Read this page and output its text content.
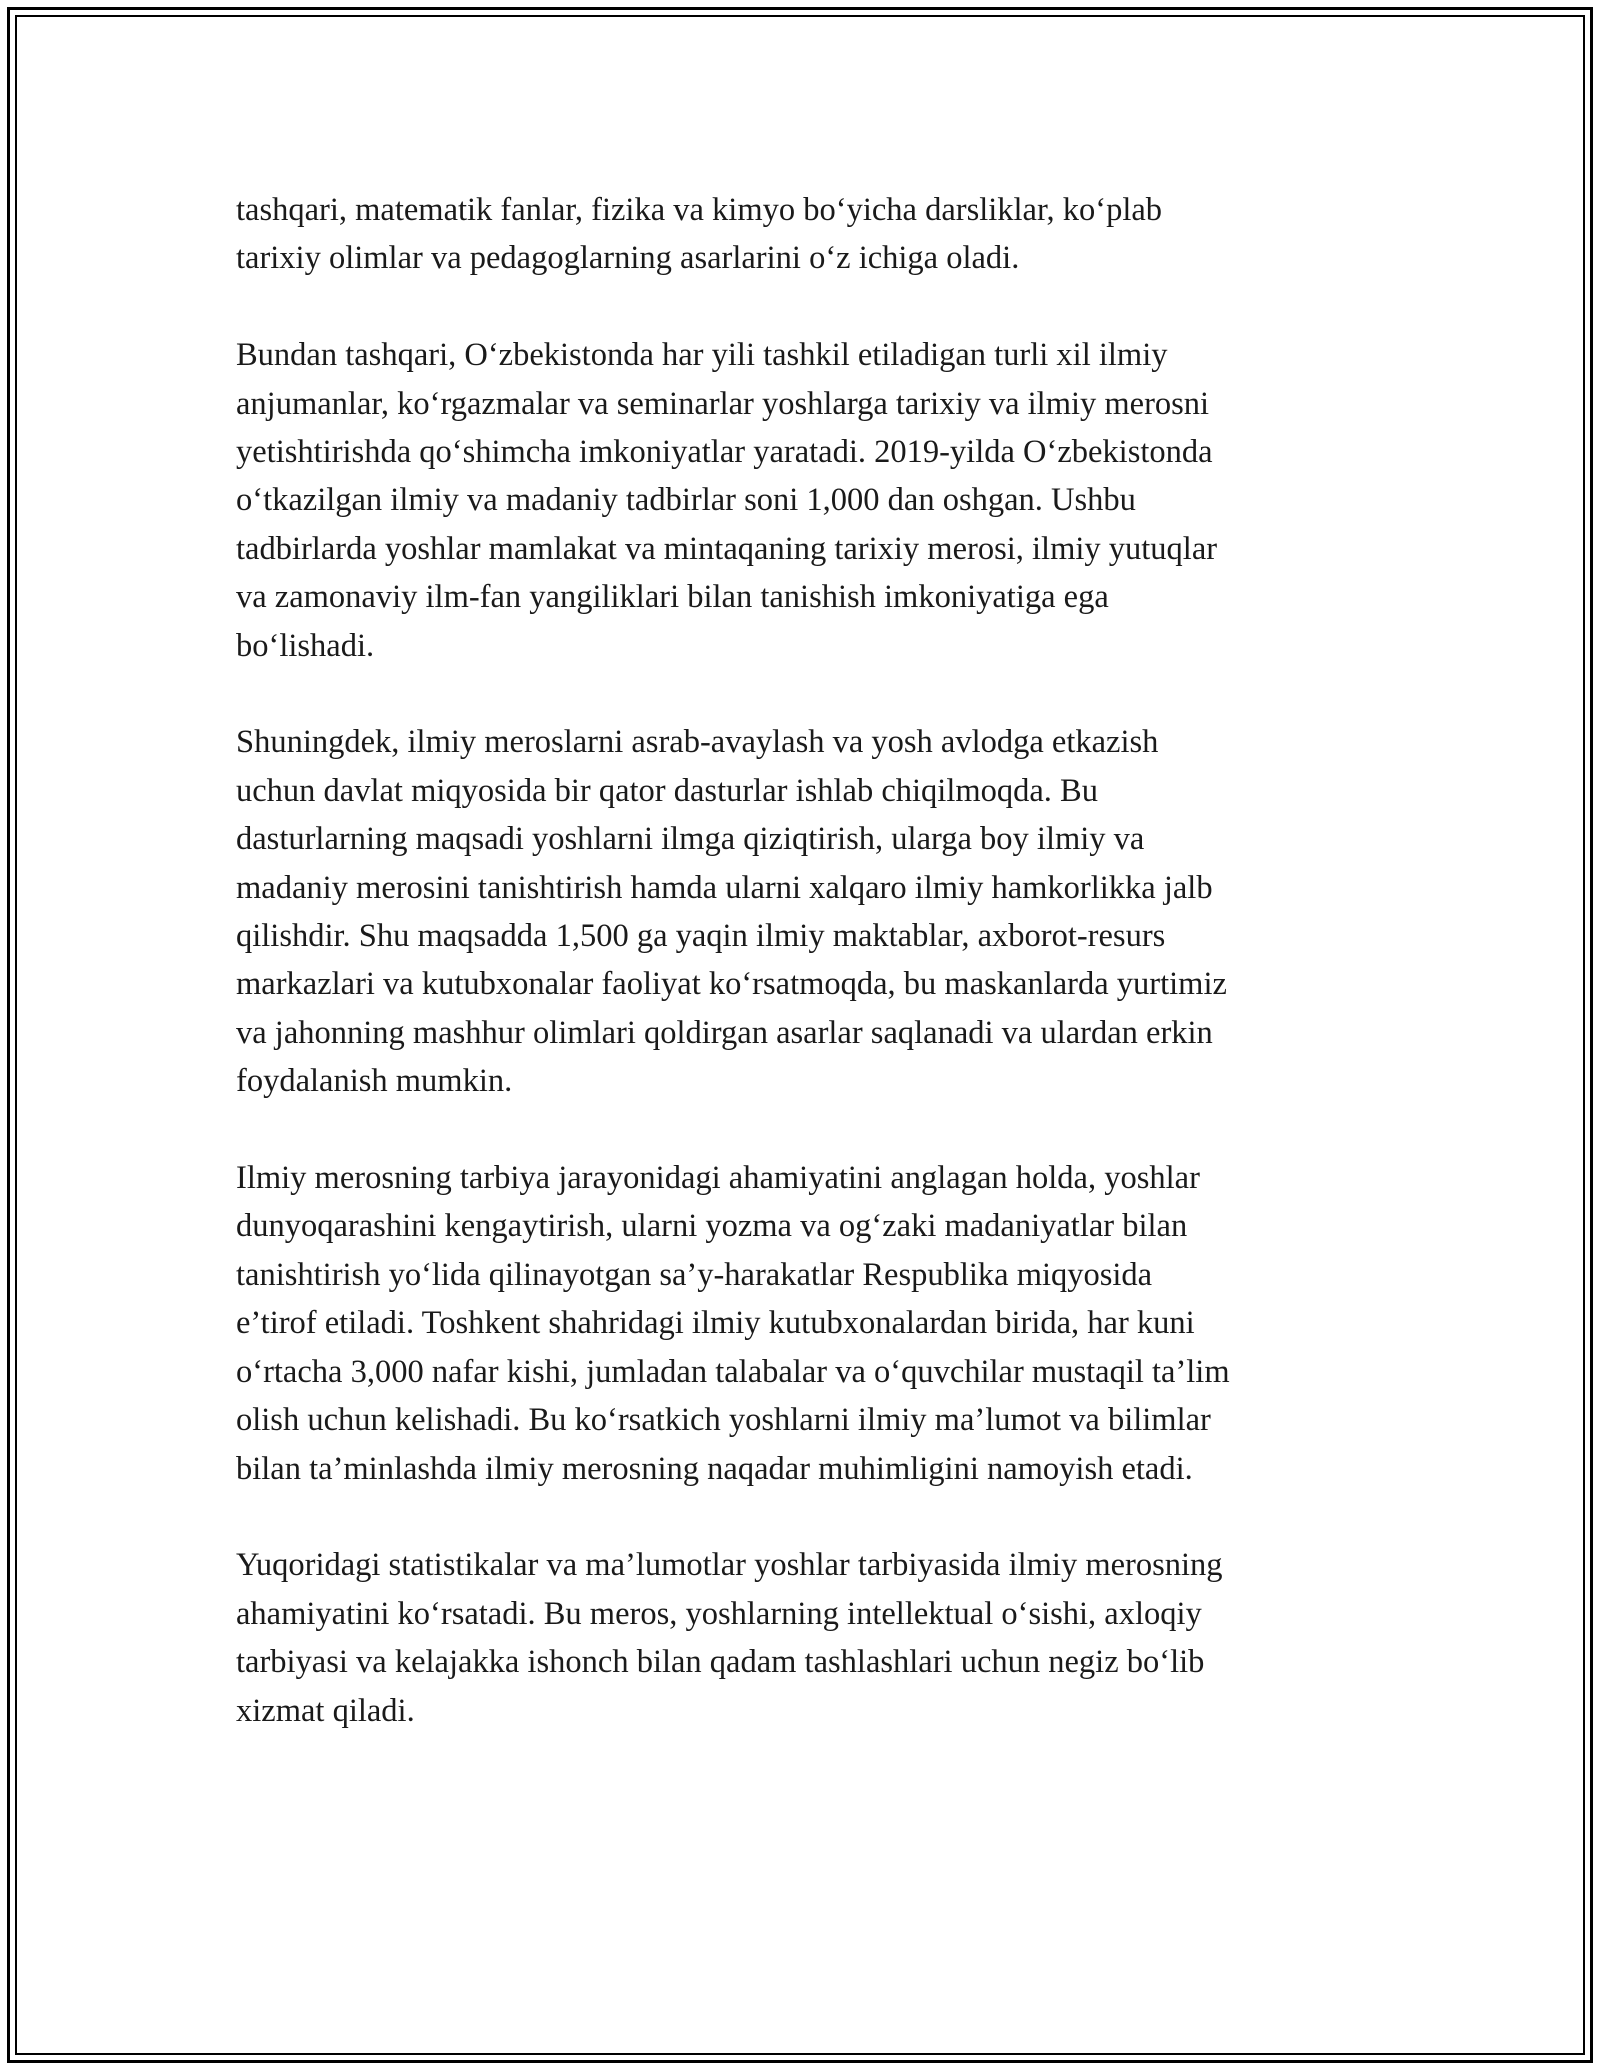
tashqari, matematik fanlar, fizika va kimyo bo‘yicha darsliklar, ko‘plab
tarixiy olimlar va pedagoglarning asarlarini o‘z ichiga oladi.

Bundan tashqari, O‘zbekistonda har yili tashkil etiladigan turli xil ilmiy
anjumanlar, ko‘rgazmalar va seminarlar yoshlarga tarixiy va ilmiy merosni
yetishtirishda qo‘shimcha imkoniyatlar yaratadi. 2019-yilda O‘zbekistonda
o‘tkazilgan ilmiy va madaniy tadbirlar soni 1,000 dan oshgan. Ushbu
tadbirlarda yoshlar mamlakat va mintaqaning tarixiy merosi, ilmiy yutuqlar
va zamonaviy ilm-fan yangiliklari bilan tanishish imkoniyatiga ega
bo‘lishadi.

Shuningdek, ilmiy meroslarni asrab-avaylash va yosh avlodga etkazish
uchun davlat miqyosida bir qator dasturlar ishlab chiqilmoqda. Bu
dasturlarning maqsadi yoshlarni ilmga qiziqtirish, ularga boy ilmiy va
madaniy merosini tanishtirish hamda ularni xalqaro ilmiy hamkorlikka jalb
qilishdir. Shu maqsadda 1,500 ga yaqin ilmiy maktablar, axborot-resurs
markazlari va kutubxonalar faoliyat ko‘rsatmoqda, bu maskanlarda yurtimiz
va jahonning mashhur olimlari qoldirgan asarlar saqlanadi va ulardan erkin
foydalanish mumkin.

Ilmiy merosning tarbiya jarayonidagi ahamiyatini anglagan holda, yoshlar
dunyoqarashini kengaytirish, ularni yozma va og‘zaki madaniyatlar bilan
tanishtirish yo‘lida qilinayotgan sa’y-harakatlar Respublika miqyosida
e’tirof etiladi. Toshkent shahridagi ilmiy kutubxonalardan birida, har kuni
o‘rtacha 3,000 nafar kishi, jumladan talabalar va o‘quvchilar mustaqil ta’lim
olish uchun kelishadi. Bu ko‘rsatkich yoshlarni ilmiy ma’lumot va bilimlar
bilan ta’minlashda ilmiy merosning naqadar muhimligini namoyish etadi.

Yuqoridagi statistikalar va ma’lumotlar yoshlar tarbiyasida ilmiy merosning
ahamiyatini ko‘rsatadi. Bu meros, yoshlarning intellektual o‘sishi, axloqiy
tarbiyasi va kelajakka ishonch bilan qadam tashlashlari uchun negiz bo‘lib
xizmat qiladi.
